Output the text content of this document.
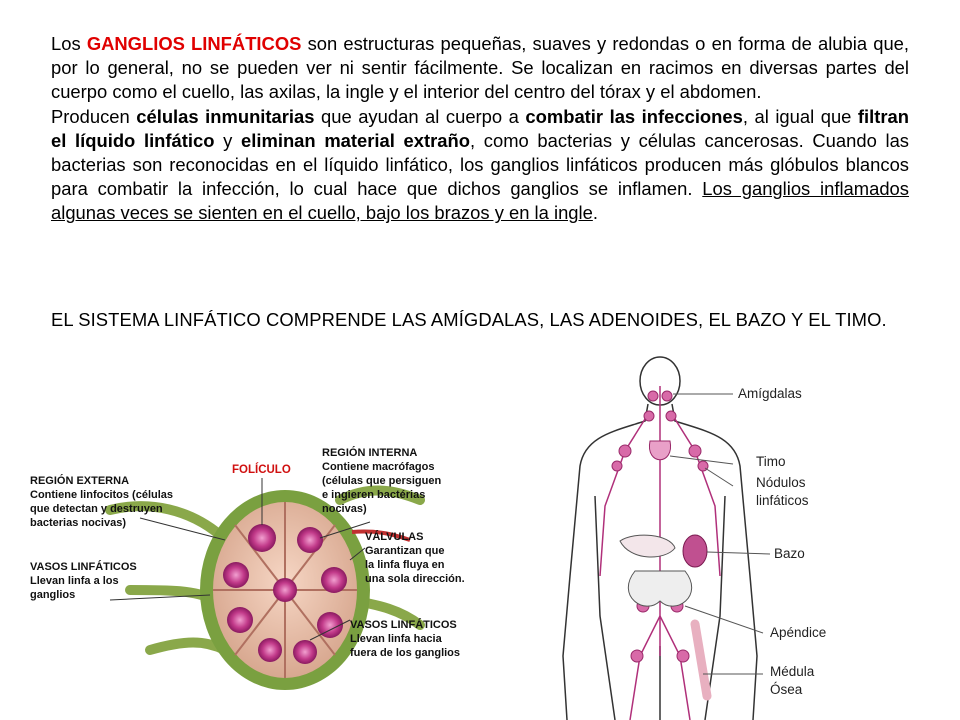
Los GANGLIOS LINFÁTICOS son estructuras pequeñas, suaves y redondas o en forma de alubia que, por lo general, no se pueden ver ni sentir fácilmente. Se localizan en racimos en diversas partes del cuerpo como el cuello, las axilas, la ingle y el interior del centro del tórax y el abdomen.

Producen células inmunitarias que ayudan al cuerpo a combatir las infecciones, al igual que filtran el líquido linfático y eliminan material extraño, como bacterias y células cancerosas. Cuando las bacterias son reconocidas en el líquido linfático, los ganglios linfáticos producen más glóbulos blancos para combatir la infección, lo cual hace que dichos ganglios se inflamen. Los ganglios inflamados algunas veces se sienten en el cuello, bajo los brazos y en la ingle.

EL SISTEMA LINFÁTICO COMPRENDE LAS AMÍGDALAS, LAS ADENOIDES, EL BAZO Y EL TIMO.
FOLÍCULO
REGIÓN EXTERNA
Contiene linfocitos (células
que detectan y destruyen
bacterias nocivas)
REGIÓN INTERNA
Contiene macrófagos
(células que persiguen
e ingieren bactérias
nocivas)
VÁLVULAS
Garantizan que
la linfa fluya en
una sola dirección.
VASOS LINFÁTICOS
Llevan linfa a los
ganglios
VASOS LINFÁTICOS
Llevan linfa hacia
fuera de los ganglios
Amígdalas
Timo
Nódulos
linfáticos
Bazo
Apéndice
Médula
Ósea
